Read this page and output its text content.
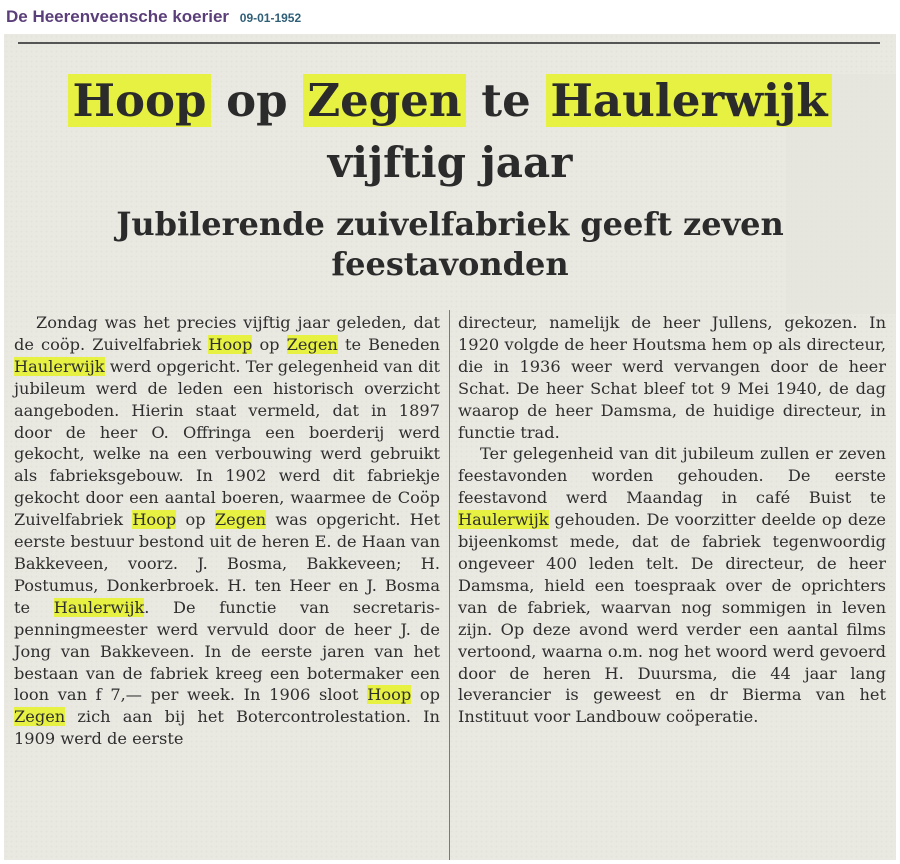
De Heerenveensche koerier 09-01-1952
Hoop op Zegen te Haulerwijk
vijftig jaar
Jubilerende zuivelfabriek geeft zeven
feestavonden

Zondag was het precies vijftig jaar geleden, dat de coöp. Zuivelfabriek Hoop op Zegen te Beneden Haulerwijk werd opgericht. Ter gelegenheid van dit jubileum werd de leden een historisch overzicht aangeboden. Hierin staat vermeld, dat in 1897 door de heer O. Offringa een boerderij werd gekocht, welke na een verbouwing werd gebruikt als fabrieksgebouw. In 1902 werd dit fabriekje gekocht door een aantal boeren, waarmee de Coöp Zuivelfabriek Hoop op Zegen was opgericht. Het eerste bestuur bestond uit de heren E. de Haan van Bakkeveen, voorz. J. Bosma, Bakkeveen; H. Postumus, Donkerbroek. H. ten Heer en J. Bosma te Haulerwijk. De functie van secretaris-penningmeester werd vervuld door de heer J. de Jong van Bakkeveen. In de eerste jaren van het bestaan van de fabriek kreeg een botermaker een loon van f 7,— per week. In 1906 sloot Hoop op Zegen zich aan bij het Botercontrolestation. In 1909 werd de eerste

directeur, namelijk de heer Jullens, gekozen. In 1920 volgde de heer Houtsma hem op als directeur, die in 1936 weer werd vervangen door de heer Schat. De heer Schat bleef tot 9 Mei 1940, de dag waarop de heer Damsma, de huidige directeur, in functie trad.

Ter gelegenheid van dit jubileum zullen er zeven feestavonden worden gehouden. De eerste feestavond werd Maandag in café Buist te Haulerwijk gehouden. De voorzitter deelde op deze bijeenkomst mede, dat de fabriek tegenwoordig ongeveer 400 leden telt. De directeur, de heer Damsma, hield een toespraak over de oprichters van de fabriek, waarvan nog sommigen in leven zijn. Op deze avond werd verder een aantal films vertoond, waarna o.m. nog het woord werd gevoerd door de heren H. Duursma, die 44 jaar lang leverancier is geweest en dr Bierma van het Instituut voor Landbouw coöperatie.
